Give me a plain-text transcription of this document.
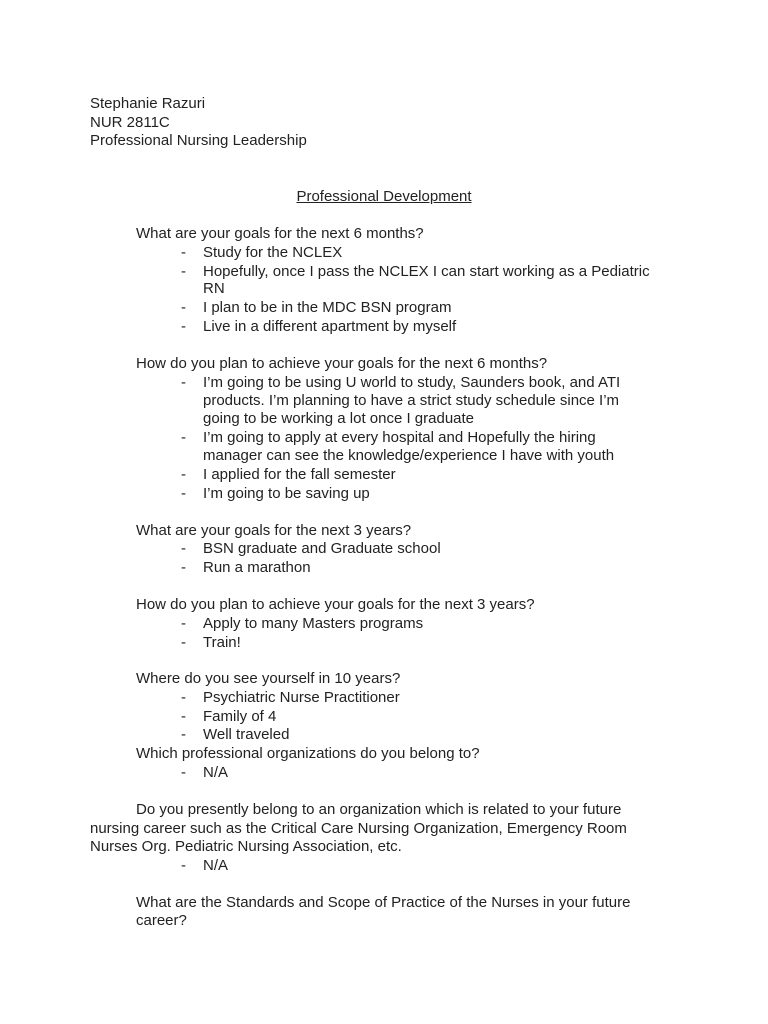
Stephanie Razuri
NUR 2811C
Professional Nursing Leadership
Professional Development
What are your goals for the next 6 months?
- Study for the NCLEX
- Hopefully, once I pass the NCLEX I can start working as a Pediatric
RN
- I plan to be in the MDC BSN program
- Live in a different apartment by myself
How do you plan to achieve your goals for the next 6 months?
- I’m going to be using U world to study, Saunders book, and ATI
products. I’m planning to have a strict study schedule since I’m
going to be working a lot once I graduate
- I’m going to apply at every hospital and Hopefully the hiring
manager can see the knowledge/experience I have with youth
- I applied for the fall semester
- I’m going to be saving up
What are your goals for the next 3 years?
- BSN graduate and Graduate school
- Run a marathon
How do you plan to achieve your goals for the next 3 years?
- Apply to many Masters programs
- Train!
Where do you see yourself in 10 years?
- Psychiatric Nurse Practitioner
- Family of 4
- Well traveled
Which professional organizations do you belong to?
- N/A
Do you presently belong to an organization which is related to your future
nursing career such as the Critical Care Nursing Organization, Emergency Room
Nurses Org. Pediatric Nursing Association, etc.
- N/A
What are the Standards and Scope of Practice of the Nurses in your future
career?
